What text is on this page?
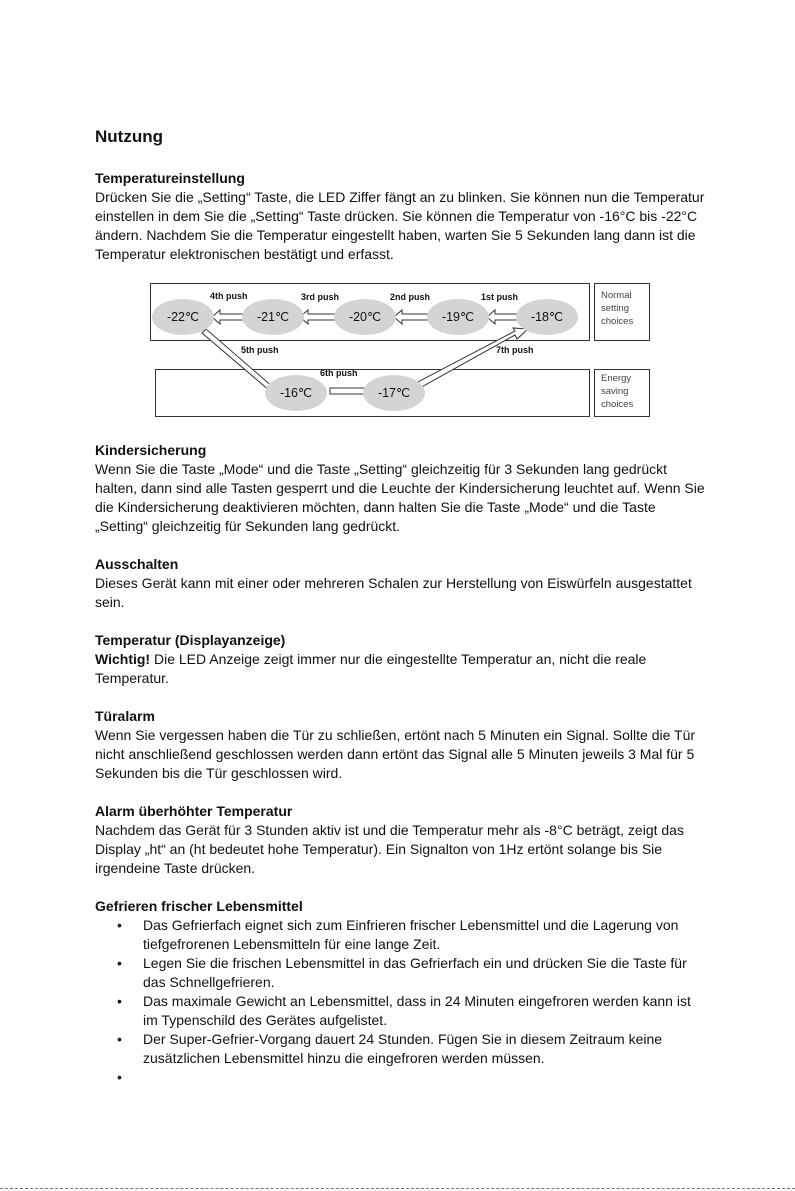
Nutzung
Temperatureinstellung

Drücken Sie die „Setting“ Taste, die LED Ziffer fängt an zu blinken. Sie können nun die Temperatur einstellen in dem Sie die „Setting“ Taste drücken. Sie können die Temperatur von -16°C bis -22°C ändern. Nachdem Sie die Temperatur eingestellt haben, warten Sie 5 Sekunden lang dann ist die Temperatur elektronischen bestätigt und erfasst.

-22℃	-21℃	-20℃	-19℃	-18℃
-16℃	-17℃
4th push	3rd push	2nd push	1st push
5th push
6th push
7th push
Normal
setting
choices
Energy
saving
choices
Kindersicherung

Wenn Sie die Taste „Mode“ und die Taste „Setting“ gleichzeitig für 3 Sekunden lang gedrückt halten, dann sind alle Tasten gesperrt und die Leuchte der Kindersicherung leuchtet auf. Wenn Sie die Kindersicherung deaktivieren möchten, dann halten Sie die Taste „Mode“ und die Taste „Setting“ gleichzeitig für Sekunden lang gedrückt.

Ausschalten

Dieses Gerät kann mit einer oder mehreren Schalen zur Herstellung von Eiswürfeln ausgestattet sein.

Temperatur (Displayanzeige)

Wichtig! Die LED Anzeige zeigt immer nur die eingestellte Temperatur an, nicht die reale Temperatur.

Türalarm

Wenn Sie vergessen haben die Tür zu schließen, ertönt nach 5 Minuten ein Signal. Sollte die Tür nicht anschließend geschlossen werden dann ertönt das Signal alle 5 Minuten jeweils 3 Mal für 5 Sekunden bis die Tür geschlossen wird.

Alarm überhöhter Temperatur

Nachdem das Gerät für 3 Stunden aktiv ist und die Temperatur mehr als -8°C beträgt, zeigt das Display „ht“ an (ht bedeutet hohe Temperatur). Ein Signalton von 1Hz ertönt solange bis Sie irgendeine Taste drücken.

Gefrieren frischer Lebensmittel
• Das Gefrierfach eignet sich zum Einfrieren frischer Lebensmittel und die Lagerung von tiefgefrorenen Lebensmitteln für eine lange Zeit.
• Legen Sie die frischen Lebensmittel in das Gefrierfach ein und drücken Sie die Taste für das Schnellgefrieren.
• Das maximale Gewicht an Lebensmittel, dass in 24 Minuten eingefroren werden kann ist im Typenschild des Gerätes aufgelistet.
• Der Super-Gefrier-Vorgang dauert 24 Stunden. Fügen Sie in diesem Zeitraum keine zusätzlichen Lebensmittel hinzu die eingefroren werden müssen.
•
